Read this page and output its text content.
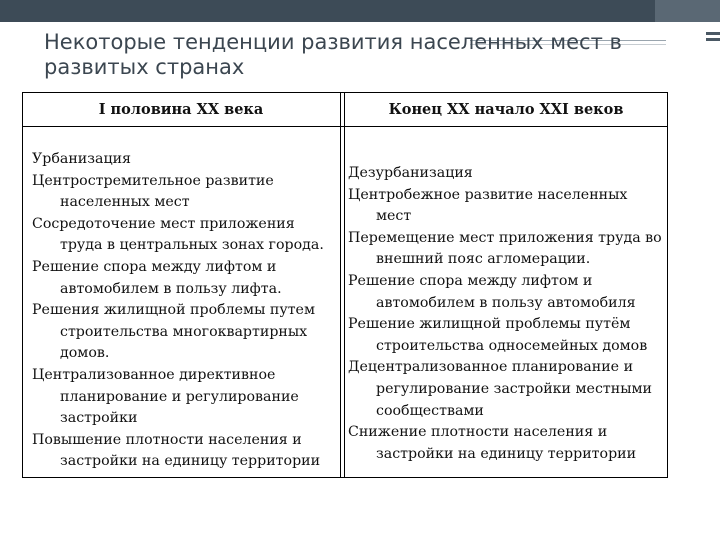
Некоторые тенденции развития населенных мест в
развитых странах
I половина XX века	Конец XX начало XXI веков
Урбанизация
Центростремительное развитие населенных мест
Сосредоточение мест приложения труда в центральных зонах города.
Решение спора между лифтом и автомобилем в пользу лифта.
Решения жилищной проблемы путем строительства многоквартирных домов.
Централизованное директивное планирование и регулирование застройки
Повышение плотности населения и застройки на единицу территории
Дезурбанизация
Центробежное развитие населенных мест
Перемещение мест приложения труда во внешний пояс агломерации.
Решение спора между лифтом и автомобилем в пользу автомобиля
Решение жилищной проблемы путём строительства односемейных домов
Децентрализованное планирование и регулирование застройки местными сообществами
Снижение плотности населения и застройки на единицу территории
